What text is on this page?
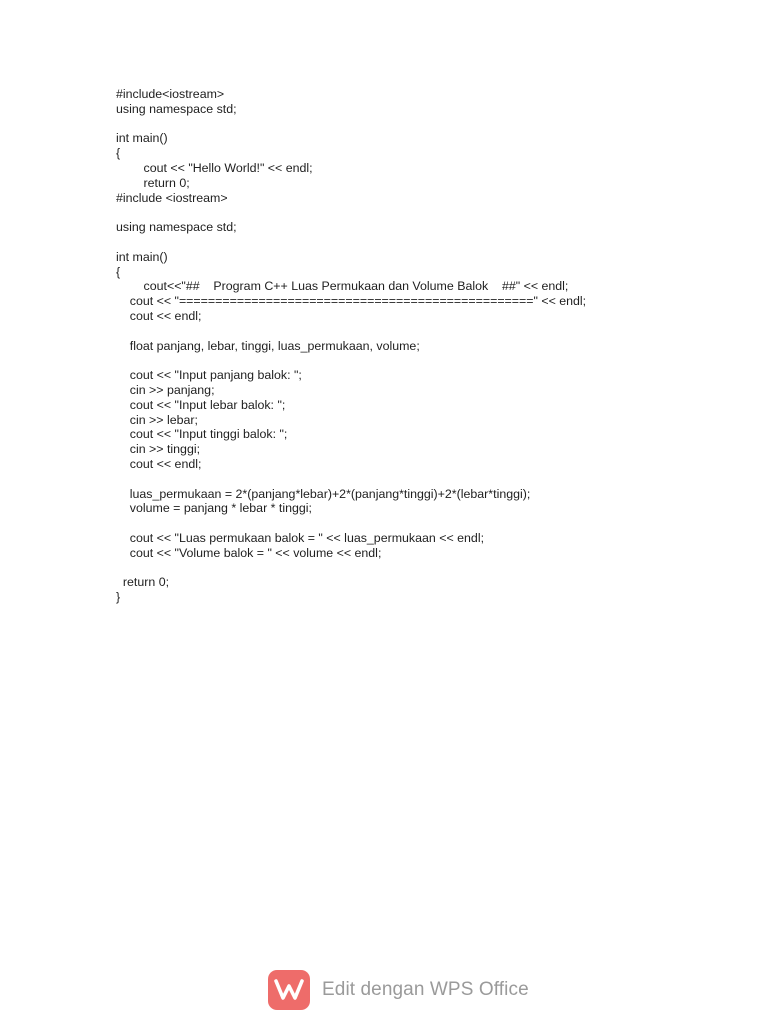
#include<iostream>
using namespace std;
int main()
{
cout << "Hello World!" << endl;
return 0;
#include <iostream>
using namespace std;
int main()
{
cout<<"##    Program C++ Luas Permukaan dan Volume Balok    ##" << endl;
cout << "=================================================" << endl;
cout << endl;
float panjang, lebar, tinggi, luas_permukaan, volume;
cout << "Input panjang balok: ";
cin >> panjang;
cout << "Input lebar balok: ";
cin >> lebar;
cout << "Input tinggi balok: ";
cin >> tinggi;
cout << endl;
luas_permukaan = 2*(panjang*lebar)+2*(panjang*tinggi)+2*(lebar*tinggi);
volume = panjang * lebar * tinggi;
cout << "Luas permukaan balok = " << luas_permukaan << endl;
cout << "Volume balok = " << volume << endl;
return 0;
}
Edit dengan WPS Office
